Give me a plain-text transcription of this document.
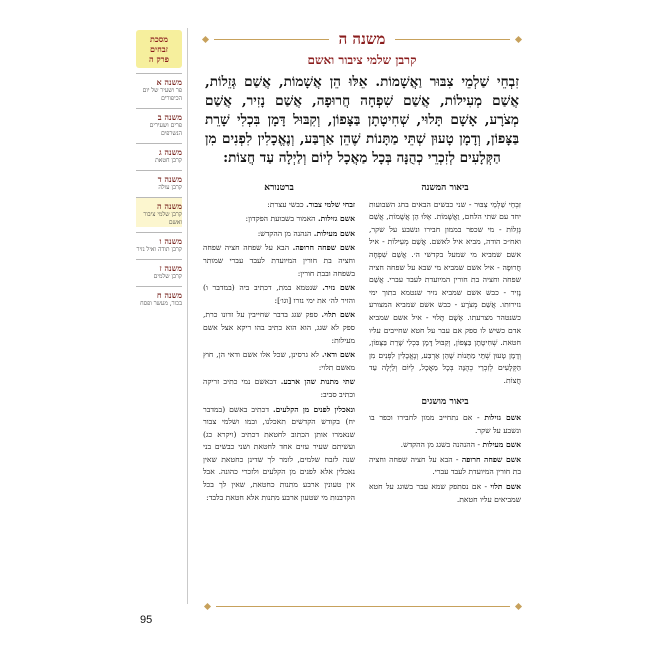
מסכת
זבחים
פרק ה
משנה א
פר ושעיר של יום הכיפורים
משנה ב
פרים ושעירים הנשרפים
משנה ג
קרבן חטאת
משנה ד
קרבן עולה
משנה ה
קרבן שלמי ציבור ואשם
משנה ו
קרבן תודה ואיל נזיר
משנה ז
קרבן שלמים
משנה ח
בכור, מעשר ופסח
משנה ה
קרבן שלמי ציבור ואשם
זִבְחֵי שַׁלְמֵי צִבּוּר וַאֲשָׁמוֹת. אֵלּוּ הֵן אֲשָׁמוֹת, אֲשַׁם גְּזֵלוֹת, אֲשַׁם מְעִילוֹת, אֲשַׁם שִׁפְחָה חֲרוּפָה, אֲשַׁם נָזִיר, אֲשַׁם מְצֹרָע, אָשָׁם תָּלוּי, שְׁחִיטָתָן בַּצָּפוֹן, וְקִבּוּל דָּמָן בִּכְלִי שָׁרֵת בַּצָּפוֹן, וְדָמָן טָעוּן שְׁתֵּי מַתָּנוֹת שֶׁהֵן אַרְבַּע, וְנֶאֱכָלִין לִפְנִים מִן הַקְּלָעִים לְזִכְרֵי כְהֻנָּה בְּכָל מַאֲכָל לְיוֹם וְלַיְלָה עַד חֲצוֹת:
ביאור המשנה

זִבְחֵי שַׁלְמֵי צִבּוּר - שני כבשים הבאים בחג השבועות יחד עם שתי הלחם, וַאֲשָׁמוֹת. אֵלּוּ הֵן אֲשָׁמוֹת, אֲשַׁם גְּזֵלוֹת - מי שכפר בממון חבירו ונשבע על שקר, ואח״כ הודה, מביא איל לאשם. אֲשַׁם מְעִילוֹת - איל אשם שמביא מי שמעל בקדשי ה׳. אֲשַׁם שִׁפְחָה חֲרוּפָה - איל אשם שמביא מי שבא על שפחה חציה שפחה וחציה בת חורין המיועדת לעבד עברי. אֲשַׁם נָזִיר - כבש אשם שמביא נזיר שנטמא בתוך ימי נזירותו. אֲשַׁם מְצֹרָע - כבש אשם שמביא המצורע כשנטהר מצרעתו. אָשָׁם תָּלוּי - איל אשם שמביא אדם כשיש לו ספק אם עבר על חטא שחייבים עליו חטאת. שְׁחִיטָתָן בַּצָּפוֹן, וְקִבּוּל דָּמָן בִּכְלִי שָׁרֵת בַּצָּפוֹן, וְדָמָן טָעוּן שְׁתֵּי מַתָּנוֹת שֶׁהֵן אַרְבַּע, וְנֶאֱכָלִין לִפְנִים מִן הַקְּלָעִים לְזִכְרֵי כְהֻנָּה בְּכָל מַאֲכָל, לְיוֹם וְלַיְלָה עַד חֲצוֹת.

ביאור מושגים

אשם גזילות - אם נתחייב ממון לחבירו וכפר בו ונשבע על שקר.

אשם מעילות - ההנהנה בשגג מן ההקדש.

אשם שפחה חרופה - הבא על חציה שפחה וחציה בת חורין המיועדת לעבד עברי.

אשם תלוי - אם נסתפק שמא עבר בשוגג על חטא שמביאים עליו חטאת.

ברטנורא

זבחי שלמי צבור. כבשי עצרת:

אשם גזילות. האמור בשבועת הפקדון:

אשם מעילות. הנהנה מן ההקדש:

אשם שפחה חרופה. הבא על שפחה חציה שפחה וחציה בת חורין המיועדת לעבד עברי שמותר בשפחה ובבת חורין:

אשם נזיר. שנטמא במת, דכתיב ביה (במדבר ו) והזיר לה׳ את ימי נזרו [וגו׳]:

אשם תלוי. ספק שגג בדבר שחייבין על זדונו כרת, ספק לא שגג, הוא הוא כתיב בהו ריקא אצל אשם מעילות:

אשם ודאי. לא גרסינן, שכל אלו אשם ודאי הן, חוץ מאשם תלוי:

שתי מתנות שהן ארבע. דבאשם נמי כתיב זריקה וכתיב סביב:

ונאכלין לפנים מן הקלעים. דכתיב באשם (במדבר יח) בקודש הקדשים תאכלנו, ובמו ושלמי צבור שנאמרו אותן הכתוב לחטאת דכתיב (ויקרא כג) ועשיתם שעיר עזים אחד לחטאת ושני כבשים בני שנה לזבח שלמים, לומר לך שדינן כחטאת שאין נאכלין אלא לפנים מן הקלעים ולזכרי כהונה. אבל אין טעונין ארבע מתנות כחטאת, שאין לך בכל הקרבנות מי שטעון ארבע מתנות אלא חטאת בלבד:

95
